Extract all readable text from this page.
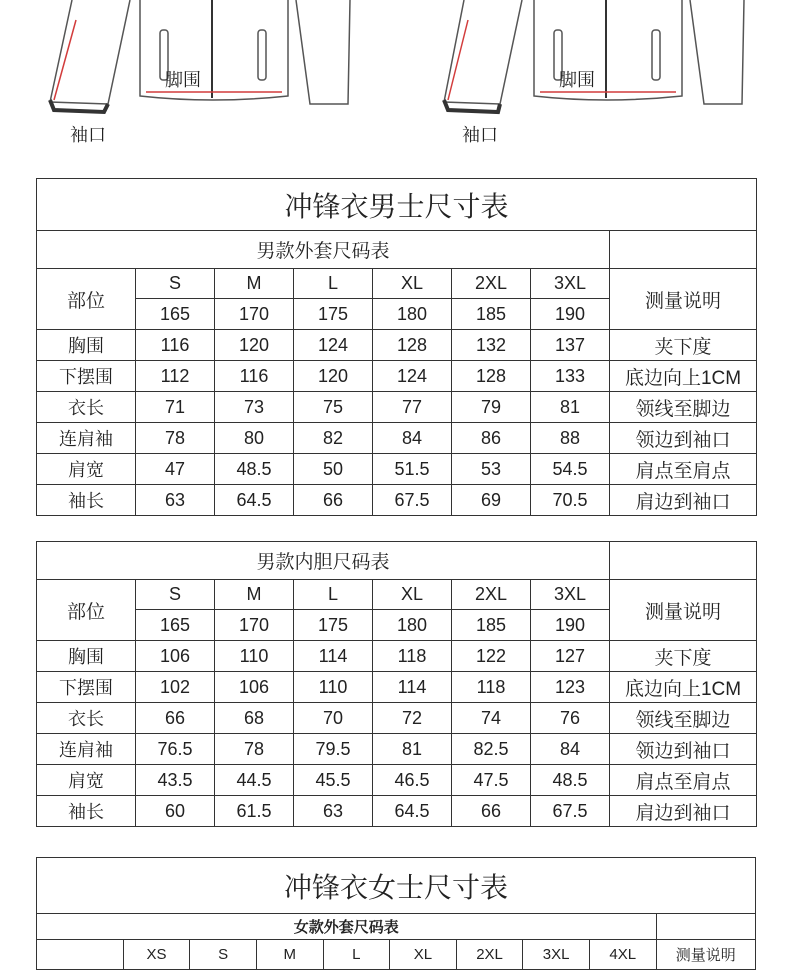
脚围
袖口
脚围
袖口
冲锋衣男士尺寸表							
男款外套尺码表							
部位	S	M	L	XL	2XL	3XL	测量说明
	165	170	175	180	185	190	
胸围	116	120	124	128	132	137	夹下度
下摆围	112	116	120	124	128	133	底边向上1CM
衣长	71	73	75	77	79	81	领线至脚边
连肩袖	78	80	82	84	86	88	领边到袖口
肩宽	47	48.5	50	51.5	53	54.5	肩点至肩点
袖长	63	64.5	66	67.5	69	70.5	肩边到袖口
男款内胆尺码表							
部位	S	M	L	XL	2XL	3XL	测量说明
	165	170	175	180	185	190	
胸围	106	110	114	118	122	127	夹下度
下摆围	102	106	110	114	118	123	底边向上1CM
衣长	66	68	70	72	74	76	领线至脚边
连肩袖	76.5	78	79.5	81	82.5	84	领边到袖口
肩宽	43.5	44.5	45.5	46.5	47.5	48.5	肩点至肩点
袖长	60	61.5	63	64.5	66	67.5	肩边到袖口
冲锋衣女士尺寸表									
女款外套尺码表									
	XS	S	M	L	XL	2XL	3XL	4XL	测量说明
